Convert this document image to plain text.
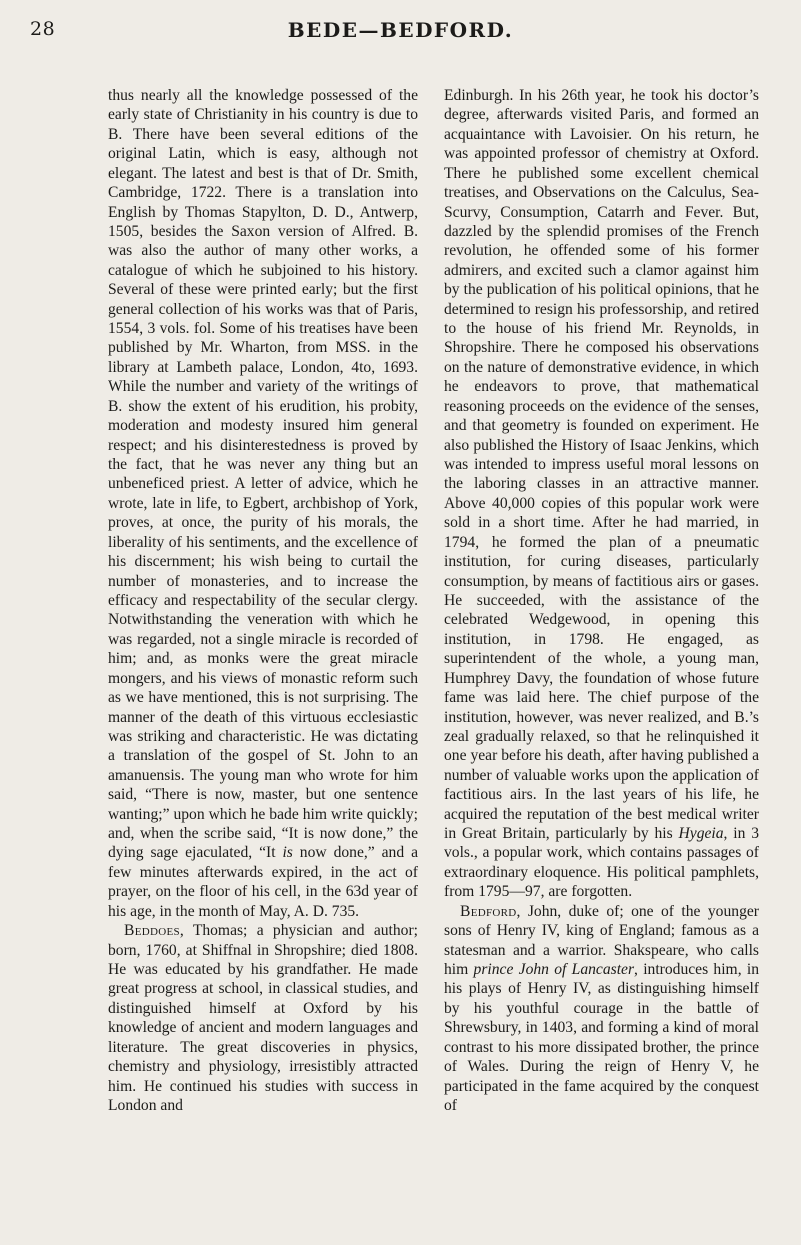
28	BEDE—BEDFORD.

thus nearly all the knowledge possessed of the early state of Christianity in his country is due to B. There have been several editions of the original Latin, which is easy, although not elegant. The latest and best is that of Dr. Smith, Cambridge, 1722. There is a translation into English by Thomas Stapylton, D. D., Antwerp, 1505, besides the Saxon version of Alfred. B. was also the author of many other works, a catalogue of which he subjoined to his history. Several of these were printed early; but the first general collection of his works was that of Paris, 1554, 3 vols. fol. Some of his treatises have been published by Mr. Wharton, from MSS. in the library at Lambeth palace, London, 4to, 1693. While the number and variety of the writings of B. show the extent of his erudition, his probity, moderation and modesty insured him general respect; and his disinterestedness is proved by the fact, that he was never any thing but an unbeneficed priest. A letter of advice, which he wrote, late in life, to Egbert, archbishop of York, proves, at once, the purity of his morals, the liberality of his sentiments, and the excellence of his discernment; his wish being to curtail the number of monasteries, and to increase the efficacy and respectability of the secular clergy. Notwithstanding the veneration with which he was regarded, not a single miracle is recorded of him; and, as monks were the great miracle mongers, and his views of monastic reform such as we have mentioned, this is not surprising. The manner of the death of this virtuous ecclesiastic was striking and characteristic. He was dictating a translation of the gospel of St. John to an amanuensis. The young man who wrote for him said, “There is now, master, but one sentence wanting;” upon which he bade him write quickly; and, when the scribe said, “It is now done,” the dying sage ejaculated, “It is now done,” and a few minutes afterwards expired, in the act of prayer, on the floor of his cell, in the 63d year of his age, in the month of May, A. D. 735.

Beddoes, Thomas; a physician and author; born, 1760, at Shiffnal in Shropshire; died 1808. He was educated by his grandfather. He made great progress at school, in classical studies, and distinguished himself at Oxford by his knowledge of ancient and modern languages and literature. The great discoveries in physics, chemistry and physiology, irresistibly attracted him. He continued his studies with success in London and

Edinburgh. In his 26th year, he took his doctor’s degree, afterwards visited Paris, and formed an acquaintance with Lavoisier. On his return, he was appointed professor of chemistry at Oxford. There he published some excellent chemical treatises, and Observations on the Calculus, Sea-Scurvy, Consumption, Catarrh and Fever. But, dazzled by the splendid promises of the French revolution, he offended some of his former admirers, and excited such a clamor against him by the publication of his political opinions, that he determined to resign his professorship, and retired to the house of his friend Mr. Reynolds, in Shropshire. There he composed his observations on the nature of demonstrative evidence, in which he endeavors to prove, that mathematical reasoning proceeds on the evidence of the senses, and that geometry is founded on experiment. He also published the History of Isaac Jenkins, which was intended to impress useful moral lessons on the laboring classes in an attractive manner. Above 40,000 copies of this popular work were sold in a short time. After he had married, in 1794, he formed the plan of a pneumatic institution, for curing diseases, particularly consumption, by means of factitious airs or gases. He succeeded, with the assistance of the celebrated Wedgewood, in opening this institution, in 1798. He engaged, as superintendent of the whole, a young man, Humphrey Davy, the foundation of whose future fame was laid here. The chief purpose of the institution, however, was never realized, and B.’s zeal gradually relaxed, so that he relinquished it one year before his death, after having published a number of valuable works upon the application of factitious airs. In the last years of his life, he acquired the reputation of the best medical writer in Great Britain, particularly by his Hygeia, in 3 vols., a popular work, which contains passages of extraordinary eloquence. His political pamphlets, from 1795—97, are forgotten.

Bedford, John, duke of; one of the younger sons of Henry IV, king of England; famous as a statesman and a warrior. Shakspeare, who calls him prince John of Lancaster, introduces him, in his plays of Henry IV, as distinguishing himself by his youthful courage in the battle of Shrewsbury, in 1403, and forming a kind of moral contrast to his more dissipated brother, the prince of Wales. During the reign of Henry V, he participated in the fame acquired by the conquest of
